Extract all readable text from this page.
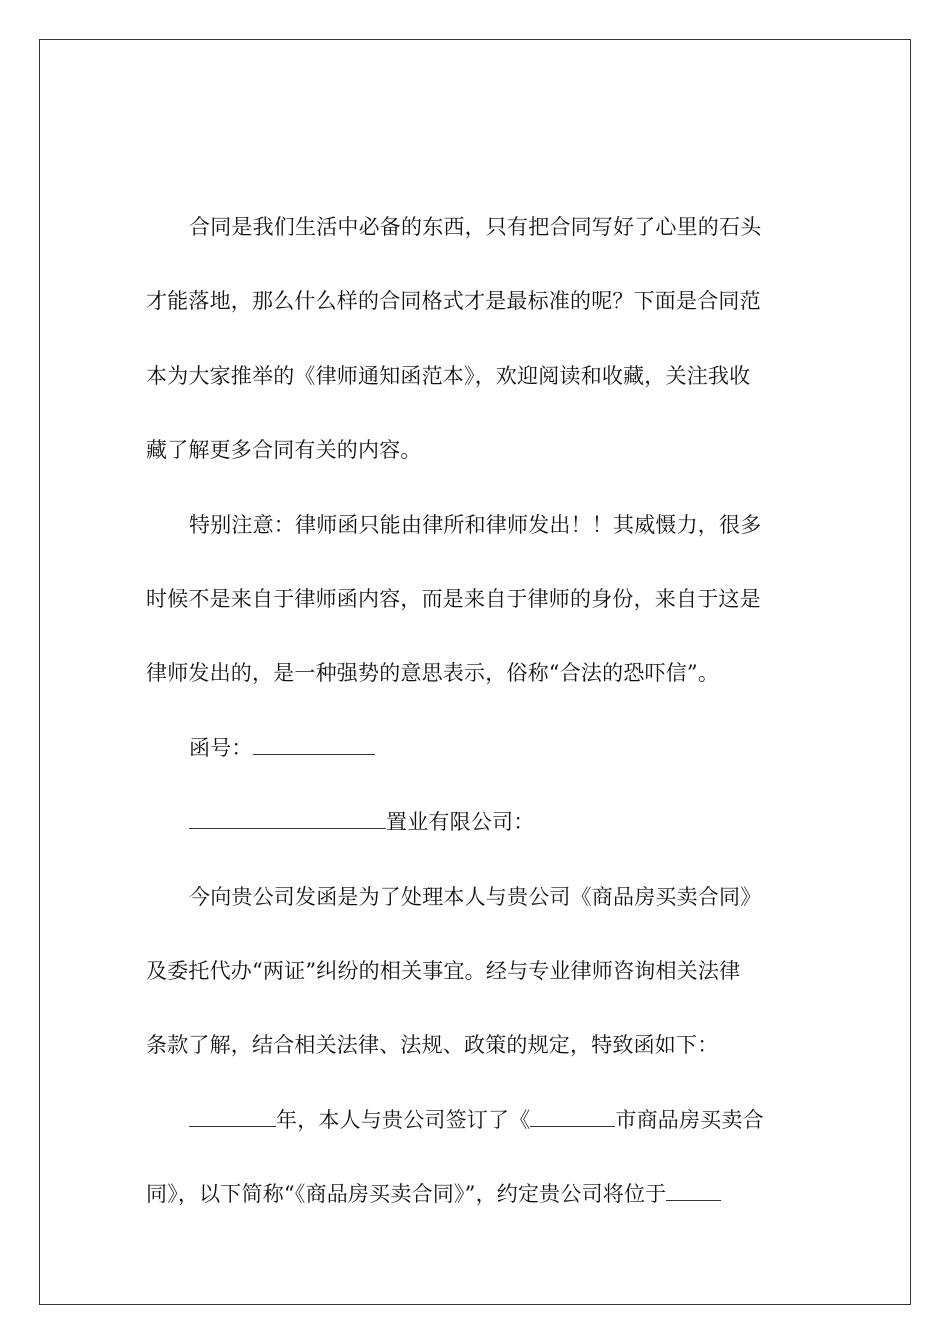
合同是我们生活中必备的东西，只有把合同写好了心里的石头
才能落地，那么什么样的合同格式才是最标准的呢？下面是合同范
本为大家推举的《律师通知函范本》，欢迎阅读和收藏，关注我收
藏了解更多合同有关的内容。
特别注意：律师函只能由律所和律师发出！！其威慑力，很多
时候不是来自于律师函内容，而是来自于律师的身份，来自于这是
律师发出的，是一种强势的意思表示，俗称“合法的恐吓信”。
函号：
置业有限公司：
今向贵公司发函是为了处理本人与贵公司《商品房买卖合同》
及委托代办“两证”纠纷的相关事宜。经与专业律师咨询相关法律
条款了解，结合相关法律、法规、政策的规定，特致函如下：
年，本人与贵公司签订了《	市商品房买卖合
同》，以下简称“《商品房买卖合同》”，约定贵公司将位于
